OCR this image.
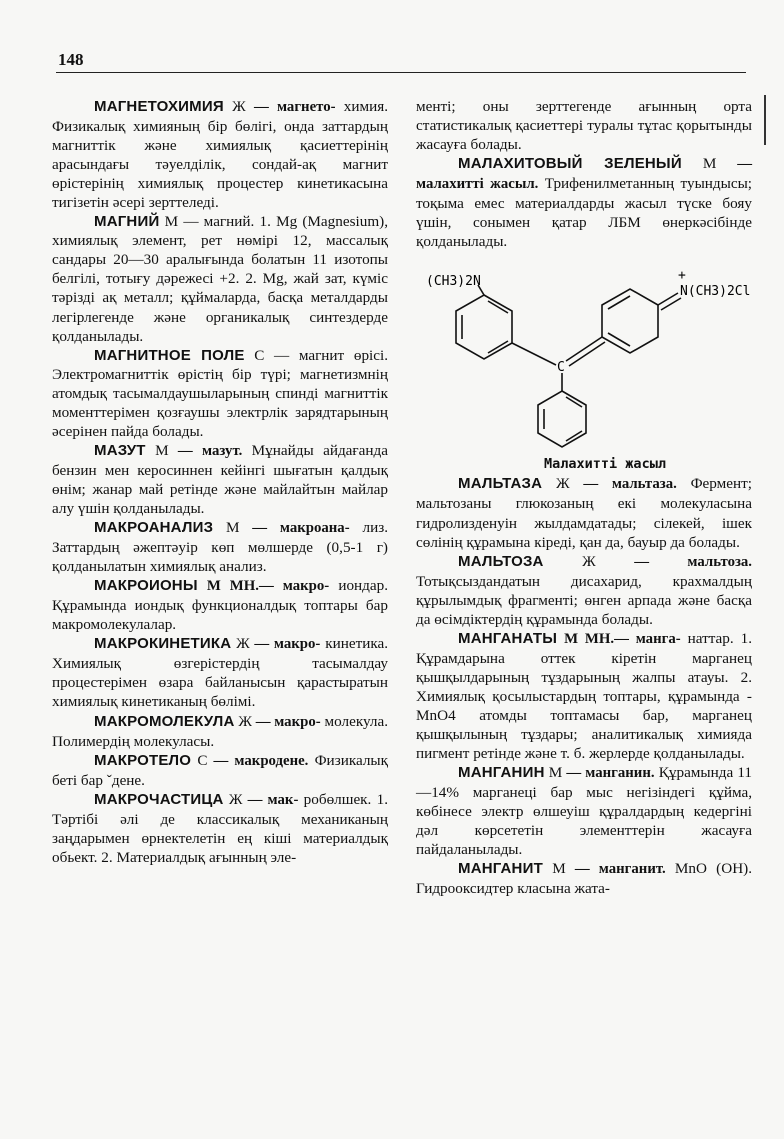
148

МАГНЕТОХИМИЯ Ж — магнето- химия. Физикалық химияның бір бөлігі, онда заттардың магниттік және химиялық қасиеттерінің арасындағы тәуелділік, сондай-ақ магнит өрістерінің химиялық процестер кинетикасына тигізетін әсері зерттеледі.

МАГНИЙ М — магний. 1. Mg (Magnesium), химиялық элемент, рет нөмірі 12, массалық сандары 20—30 аралығында болатын 11 изотопы белгілі, тотығу дәрежесі +2. 2. Mg, жай зат, күміс тәрізді ақ металл; құймаларда, басқа металдарды легірлегенде және органикалық синтездерде қолданылады.

МАГНИТНОЕ ПОЛЕ С — магнит өрісі. Электромагниттік өрістің бір түрі; магнетизмнің атомдық тасымалдаушыларының спинді магниттік моменттерімен қозғаушы электрлік зарядтарының әсерінен пайда болады.

МАЗУТ М — мазут. Мұнайды айдағанда бензин мен керосиннен кейінгі шығатын қалдық өнім; жанар май ретінде және майлайтын майлар алу үшін қолданылады.

МАКРОАНАЛИЗ М — макроана- лиз. Заттардың әжептәуір көп мөлшерде (0,5-1 г) қолданылатын химиялық анализ.

МАКРОИОНЫ М МН.— макро- иондар. Құрамында иондық функционалдық топтары бар макромолекулалар.

МАКРОКИНЕТИКА Ж — макро- кинетика. Химиялық өзгерістердің тасымалдау процестерімен өзара байланысын қарастыратын химиялық кинетиканың бөлімі.

МАКРОМОЛЕКУЛА Ж — макро- молекула. Полимердің молекуласы.

МАКРОТЕЛО С — макродене. Физикалық беті бар ˇдене.

МАКРОЧАСТИЦА Ж — мак- робөлшек. 1. Тәртібі әлі де классикалық механиканың заңдарымен өрнектелетін ең кіші материалдық обьект. 2. Материалдық ағынның эле-

менті; оны зерттегенде ағынның орта статистикалық қасиеттері туралы тұтас қорытынды жасауға болады.

МАЛАХИТОВЫЙ ЗЕЛЕНЫЙ М — малахитті жасыл. Трифенилметанның туындысы; тоқыма емес материалдарды жасыл түске бояу үшін, сонымен қатар ЛБМ өнеркәсібінде қолданылады.

(CH3)2N
N(CH3)2Cl
+
C

Малахитті жасыл

МАЛЬТАЗА Ж — мальтаза. Фермент; мальтозаны глюкозаның екі молекуласына гидролизденуін жылдамдатады; сілекей, ішек сөлінің құрамына кіреді, қан да, бауыр да болады.

МАЛЬТОЗА	Ж — мальтоза. Тотықсыздандатын дисахарид, крахмалдың құрылымдық фрагменті; өнген арпада және басқа да өсімдіктердің құрамында болады.

МАНГАНАТЫ М МН.— манга- наттар. 1. Құрамдарына оттек кіретін марганец қышқылдарының тұздарының жалпы атауы. 2. Химиялық қосылыстардың топтары, құрамында - MnO4 атомды топтамасы бар, марганец қышқылының тұздары; аналитикалық химияда пигмент ретінде және т. б. жерлерде қолданылады.

МАНГАНИН М — манганин. Құрамында 11—14% марганеці бар мыс негізіндегі құйма, көбінесе электр өлшеуіш құралдардың кедергіні дәл көрсететін элементтерін жасауға пайдаланылады.

МАНГАНИТ М — манганит. MnO (OH). Гидрооксидтер класына жата-
